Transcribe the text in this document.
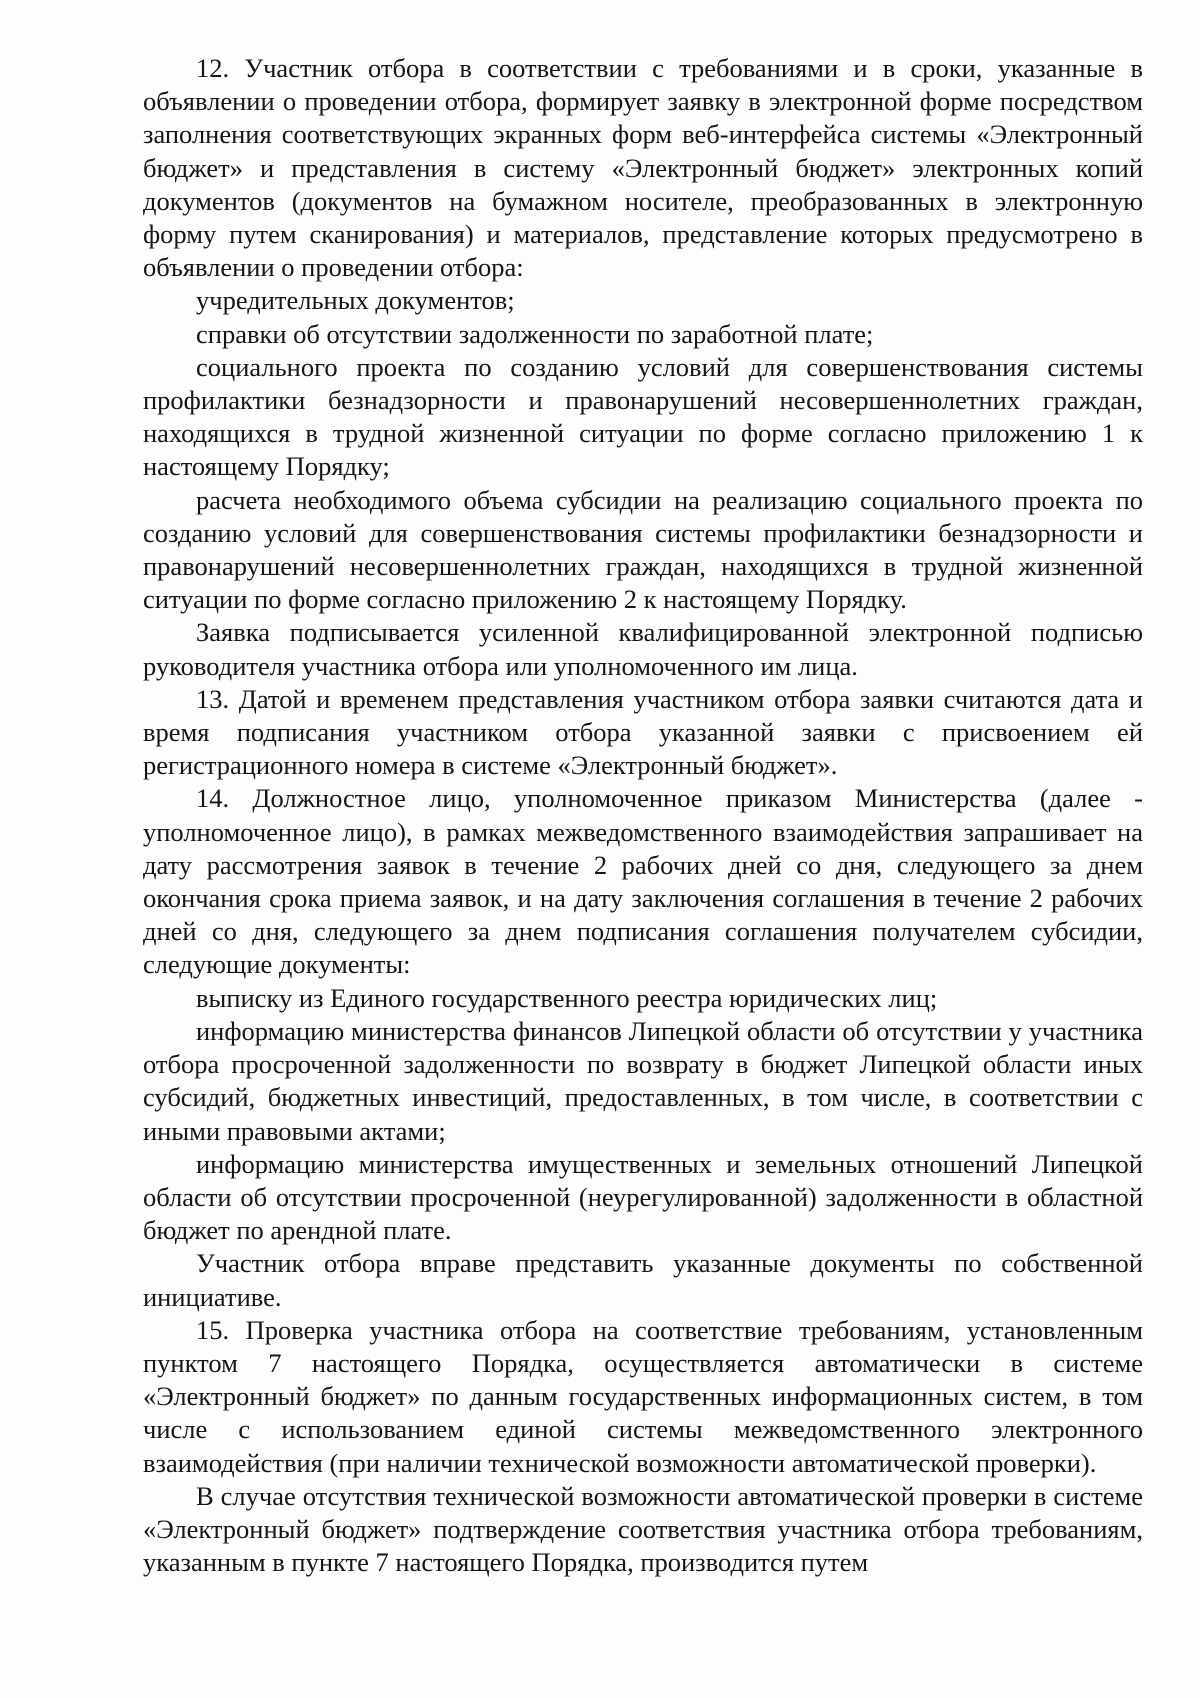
12. Участник отбора в соответствии с требованиями и в сроки, указанные в объявлении о проведении отбора, формирует заявку в электронной форме посредством заполнения соответствующих экранных форм веб-интерфейса системы «Электронный бюджет» и представления в систему «Электронный бюджет» электронных копий документов (документов на бумажном носителе, преобразованных в электронную форму путем сканирования) и материалов, представление которых предусмотрено в объявлении о проведении отбора:

учредительных документов;

справки об отсутствии задолженности по заработной плате;

социального проекта по созданию условий для совершенствования системы профилактики безнадзорности и правонарушений несовершеннолетних граждан, находящихся в трудной жизненной ситуации по форме согласно приложению 1 к настоящему Порядку;

расчета необходимого объема субсидии на реализацию социального проекта по созданию условий для совершенствования системы профилактики безнадзорности и правонарушений несовершеннолетних граждан, находящихся в трудной жизненной ситуации по форме согласно приложению 2 к настоящему Порядку.

Заявка подписывается усиленной квалифицированной электронной подписью руководителя участника отбора или уполномоченного им лица.

13. Датой и временем представления участником отбора заявки считаются дата и время подписания участником отбора указанной заявки с присвоением ей регистрационного номера в системе «Электронный бюджет».

14. Должностное лицо, уполномоченное приказом Министерства (далее - уполномоченное лицо), в рамках межведомственного взаимодействия запрашивает на дату рассмотрения заявок в течение 2 рабочих дней со дня, следующего за днем окончания срока приема заявок, и на дату заключения соглашения в течение 2 рабочих дней со дня, следующего за днем подписания соглашения получателем субсидии, следующие документы:

выписку из Единого государственного реестра юридических лиц;

информацию министерства финансов Липецкой области об отсутствии у участника отбора просроченной задолженности по возврату в бюджет Липецкой области иных субсидий, бюджетных инвестиций, предоставленных, в том числе, в соответствии с иными правовыми актами;

информацию министерства имущественных и земельных отношений Липецкой области об отсутствии просроченной (неурегулированной) задолженности в областной бюджет по арендной плате.

Участник отбора вправе представить указанные документы по собственной инициативе.

15. Проверка участника отбора на соответствие требованиям, установленным пунктом 7 настоящего Порядка, осуществляется автоматически в системе «Электронный бюджет» по данным государственных информационных систем, в том числе с использованием единой системы межведомственного электронного взаимодействия (при наличии технической возможности автоматической проверки).

В случае отсутствия технической возможности автоматической проверки в системе «Электронный бюджет» подтверждение соответствия участника отбора требованиям, указанным в пункте 7 настоящего Порядка, производится путем
